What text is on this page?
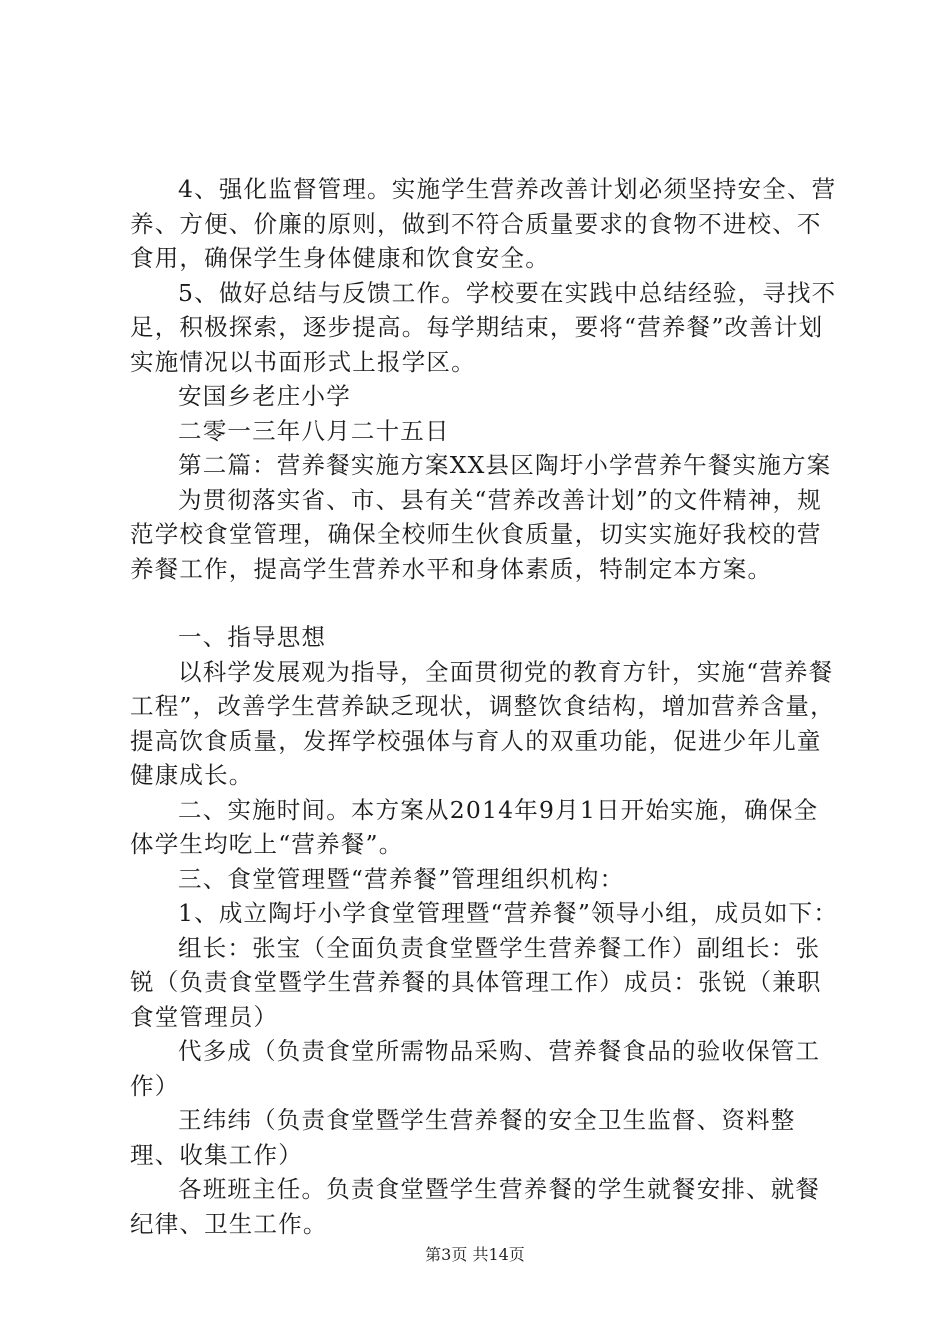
4、强化监督管理。实施学生营养改善计划必须坚持安全、营养、方便、价廉的原则，做到不符合质量要求的食物不进校、不食用，确保学生身体健康和饮食安全。

5、做好总结与反馈工作。学校要在实践中总结经验，寻找不足，积极探索，逐步提高。每学期结束，要将“营养餐”改善计划实施情况以书面形式上报学区。

安国乡老庄小学

二零一三年八月二十五日

第二篇：营养餐实施方案XX县区陶圩小学营养午餐实施方案

为贯彻落实省、市、县有关“营养改善计划”的文件精神，规范学校食堂管理，确保全校师生伙食质量，切实实施好我校的营养餐工作，提高学生营养水平和身体素质，特制定本方案。

一、指导思想

以科学发展观为指导，全面贯彻党的教育方针，实施“营养餐工程”，改善学生营养缺乏现状，调整饮食结构，增加营养含量，提高饮食质量，发挥学校强体与育人的双重功能，促进少年儿童健康成长。

二、实施时间。本方案从2014年9月1日开始实施，确保全体学生均吃上“营养餐”。

三、食堂管理暨“营养餐”管理组织机构：

1、成立陶圩小学食堂管理暨“营养餐”领导小组，成员如下：

组长：张宝（全面负责食堂暨学生营养餐工作）副组长：张锐（负责食堂暨学生营养餐的具体管理工作）成员：张锐（兼职食堂管理员）

代多成（负责食堂所需物品采购、营养餐食品的验收保管工作）

王纬纬（负责食堂暨学生营养餐的安全卫生监督、资料整理、收集工作）

各班班主任。负责食堂暨学生营养餐的学生就餐安排、就餐纪律、卫生工作。

第3页 共14页
